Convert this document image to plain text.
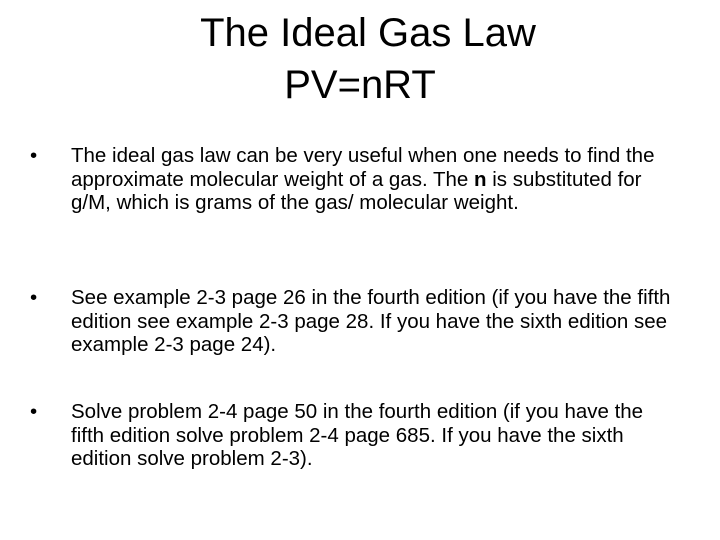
The Ideal Gas Law
PV=nRT
•	The ideal gas law can be very useful when one needs to find the approximate molecular weight of a gas. The n is substituted for g/M, which is grams of the gas/ molecular weight.
•	See example 2-3 page 26 in the fourth edition (if you have the fifth edition see example 2-3 page 28. If you have the sixth edition see example 2-3 page 24).
•	Solve problem 2-4 page 50 in the fourth edition (if you have the fifth edition solve problem 2-4 page 685. If you have the sixth edition solve problem 2-3).
